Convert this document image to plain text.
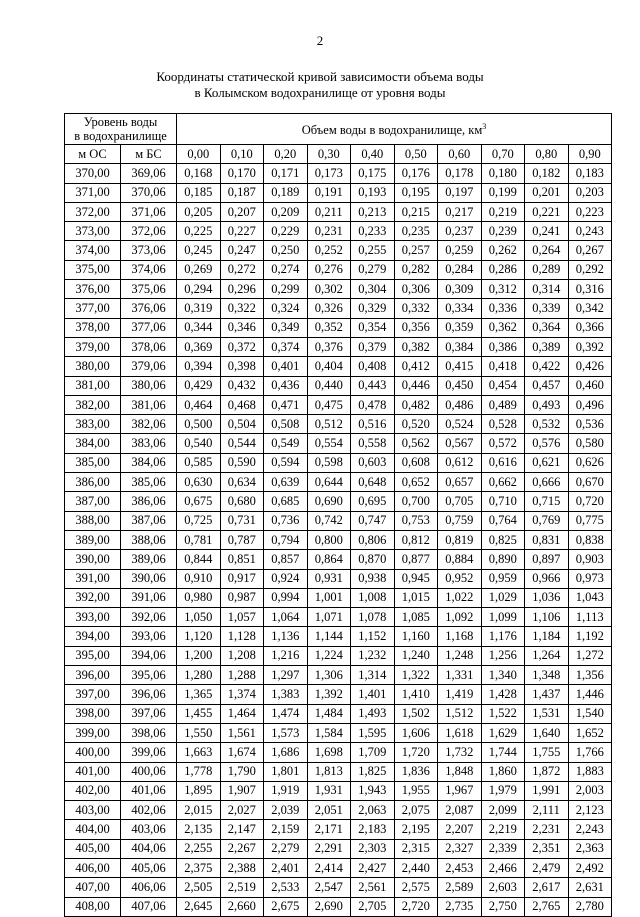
2
Координаты статической кривой зависимости объема воды
в Колымском водохранилище от уровня воды
Уровень воды
в водохранилище		Объем воды в водохранилище, $км^3$
м ОС	м БС	0,00	0,10	0,20	0,30	0,40	0,50	0,60	0,70	0,80	0,90
370,00	369,06	0,168	0,170	0,171	0,173	0,175	0,176	0,178	0,180	0,182	0,183
371,00	370,06	0,185	0,187	0,189	0,191	0,193	0,195	0,197	0,199	0,201	0,203
372,00	371,06	0,205	0,207	0,209	0,211	0,213	0,215	0,217	0,219	0,221	0,223
373,00	372,06	0,225	0,227	0,229	0,231	0,233	0,235	0,237	0,239	0,241	0,243
374,00	373,06	0,245	0,247	0,250	0,252	0,255	0,257	0,259	0,262	0,264	0,267
375,00	374,06	0,269	0,272	0,274	0,276	0,279	0,282	0,284	0,286	0,289	0,292
376,00	375,06	0,294	0,296	0,299	0,302	0,304	0,306	0,309	0,312	0,314	0,316
377,00	376,06	0,319	0,322	0,324	0,326	0,329	0,332	0,334	0,336	0,339	0,342
378,00	377,06	0,344	0,346	0,349	0,352	0,354	0,356	0,359	0,362	0,364	0,366
379,00	378,06	0,369	0,372	0,374	0,376	0,379	0,382	0,384	0,386	0,389	0,392
380,00	379,06	0,394	0,398	0,401	0,404	0,408	0,412	0,415	0,418	0,422	0,426
381,00	380,06	0,429	0,432	0,436	0,440	0,443	0,446	0,450	0,454	0,457	0,460
382,00	381,06	0,464	0,468	0,471	0,475	0,478	0,482	0,486	0,489	0,493	0,496
383,00	382,06	0,500	0,504	0,508	0,512	0,516	0,520	0,524	0,528	0,532	0,536
384,00	383,06	0,540	0,544	0,549	0,554	0,558	0,562	0,567	0,572	0,576	0,580
385,00	384,06	0,585	0,590	0,594	0,598	0,603	0,608	0,612	0,616	0,621	0,626
386,00	385,06	0,630	0,634	0,639	0,644	0,648	0,652	0,657	0,662	0,666	0,670
387,00	386,06	0,675	0,680	0,685	0,690	0,695	0,700	0,705	0,710	0,715	0,720
388,00	387,06	0,725	0,731	0,736	0,742	0,747	0,753	0,759	0,764	0,769	0,775
389,00	388,06	0,781	0,787	0,794	0,800	0,806	0,812	0,819	0,825	0,831	0,838
390,00	389,06	0,844	0,851	0,857	0,864	0,870	0,877	0,884	0,890	0,897	0,903
391,00	390,06	0,910	0,917	0,924	0,931	0,938	0,945	0,952	0,959	0,966	0,973
392,00	391,06	0,980	0,987	0,994	1,001	1,008	1,015	1,022	1,029	1,036	1,043
393,00	392,06	1,050	1,057	1,064	1,071	1,078	1,085	1,092	1,099	1,106	1,113
394,00	393,06	1,120	1,128	1,136	1,144	1,152	1,160	1,168	1,176	1,184	1,192
395,00	394,06	1,200	1,208	1,216	1,224	1,232	1,240	1,248	1,256	1,264	1,272
396,00	395,06	1,280	1,288	1,297	1,306	1,314	1,322	1,331	1,340	1,348	1,356
397,00	396,06	1,365	1,374	1,383	1,392	1,401	1,410	1,419	1,428	1,437	1,446
398,00	397,06	1,455	1,464	1,474	1,484	1,493	1,502	1,512	1,522	1,531	1,540
399,00	398,06	1,550	1,561	1,573	1,584	1,595	1,606	1,618	1,629	1,640	1,652
400,00	399,06	1,663	1,674	1,686	1,698	1,709	1,720	1,732	1,744	1,755	1,766
401,00	400,06	1,778	1,790	1,801	1,813	1,825	1,836	1,848	1,860	1,872	1,883
402,00	401,06	1,895	1,907	1,919	1,931	1,943	1,955	1,967	1,979	1,991	2,003
403,00	402,06	2,015	2,027	2,039	2,051	2,063	2,075	2,087	2,099	2,111	2,123
404,00	403,06	2,135	2,147	2,159	2,171	2,183	2,195	2,207	2,219	2,231	2,243
405,00	404,06	2,255	2,267	2,279	2,291	2,303	2,315	2,327	2,339	2,351	2,363
406,00	405,06	2,375	2,388	2,401	2,414	2,427	2,440	2,453	2,466	2,479	2,492
407,00	406,06	2,505	2,519	2,533	2,547	2,561	2,575	2,589	2,603	2,617	2,631
408,00	407,06	2,645	2,660	2,675	2,690	2,705	2,720	2,735	2,750	2,765	2,780
